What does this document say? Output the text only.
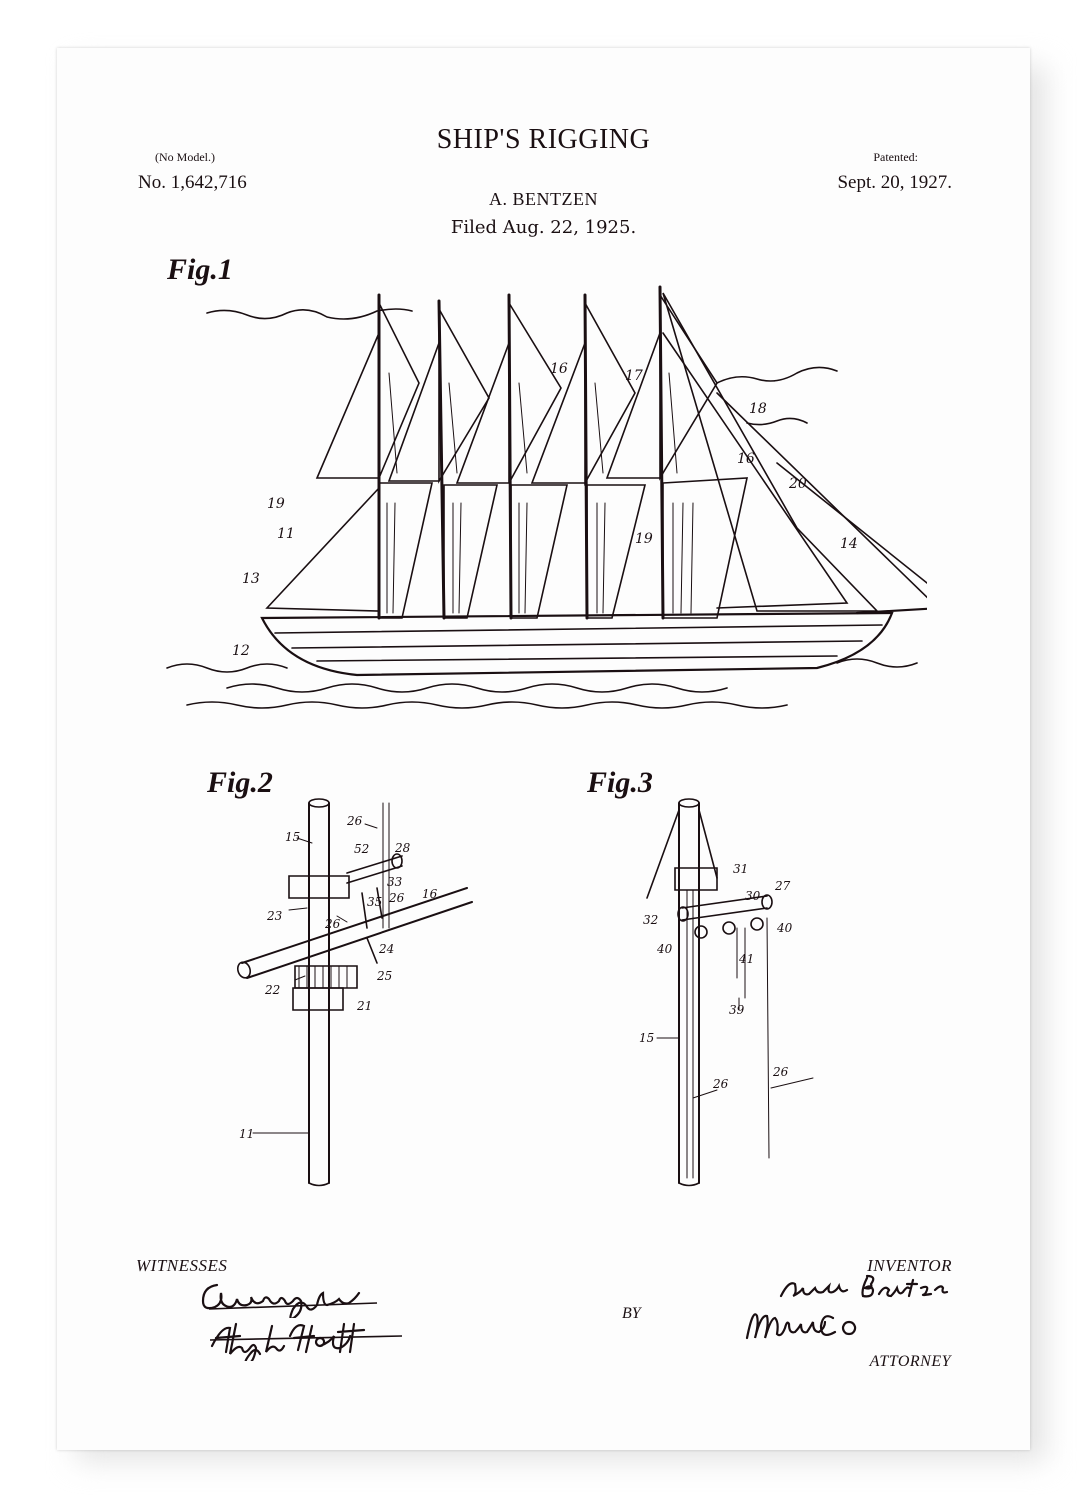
SHIP'S RIGGING
(No Model.)
No. 1,642,716
Patented:
Sept. 20, 1927.
A. BENTZEN
Filed Aug. 22, 1925.
Fig.1
Fig.2	Fig.3
16	17
18
16
20
19
11
13
12
19	14
26
52 28
15
33
35 26 16
23
26
24
25
22
21
11
31
32
30
27
40
40
41
39
15
26
26
WITNESSES	INVENTOR
BY
ATTORNEY
